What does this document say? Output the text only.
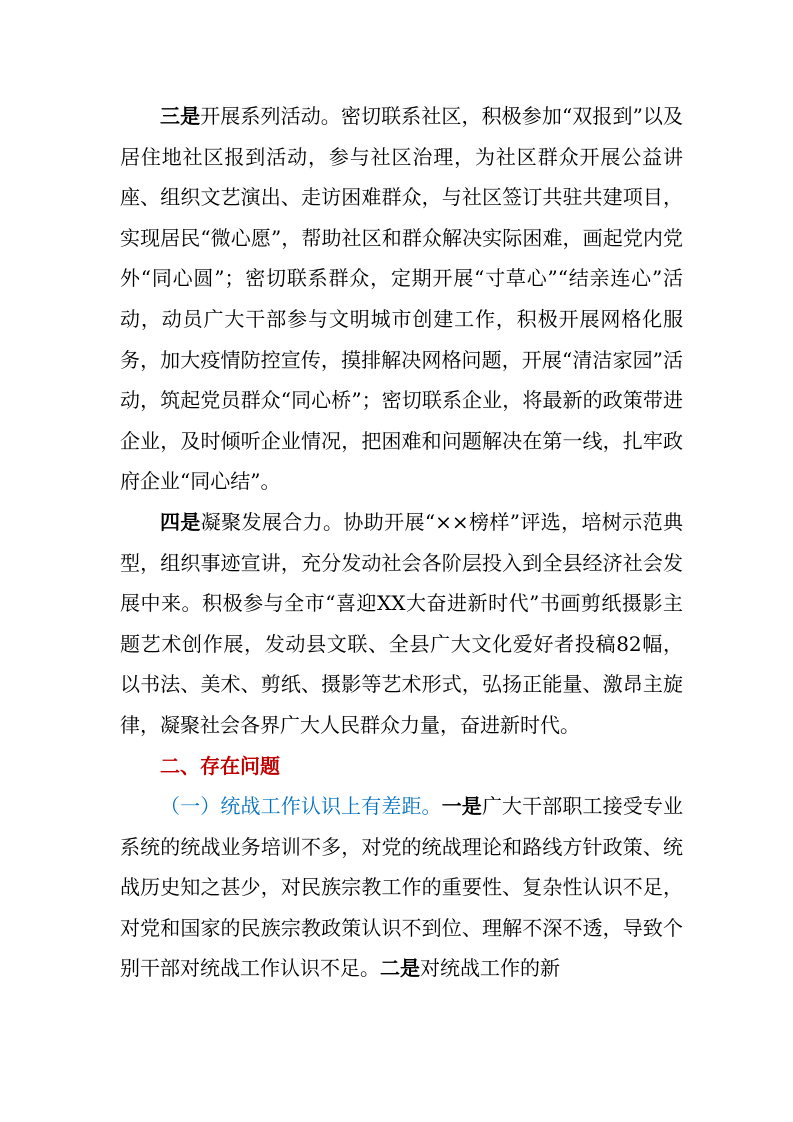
三是开展系列活动。密切联系社区，积极参加“双报到”以及居住地社区报到活动，参与社区治理，为社区群众开展公益讲座、组织文艺演出、走访困难群众，与社区签订共驻共建项目，实现居民“微心愿”，帮助社区和群众解决实际困难，画起党内党外“同心圆”；密切联系群众，定期开展“寸草心”“结亲连心”活动，动员广大干部参与文明城市创建工作，积极开展网格化服务，加大疫情防控宣传，摸排解决网格问题，开展“清洁家园”活动，筑起党员群众“同心桥”；密切联系企业，将最新的政策带进企业，及时倾听企业情况，把困难和问题解决在第一线，扎牢政府企业“同心结”。

四是凝聚发展合力。协助开展“××榜样”评选，培树示范典型，组织事迹宣讲，充分发动社会各阶层投入到全县经济社会发展中来。积极参与全市“喜迎XX大奋进新时代”书画剪纸摄影主题艺术创作展，发动县文联、全县广大文化爱好者投稿82幅，以书法、美术、剪纸、摄影等艺术形式，弘扬正能量、激昂主旋律，凝聚社会各界广大人民群众力量，奋进新时代。

二、存在问题

（一）统战工作认识上有差距。一是广大干部职工接受专业系统的统战业务培训不多，对党的统战理论和路线方针政策、统战历史知之甚少，对民族宗教工作的重要性、复杂性认识不足，对党和国家的民族宗教政策认识不到位、理解不深不透，导致个别干部对统战工作认识不足。二是对统战工作的新
